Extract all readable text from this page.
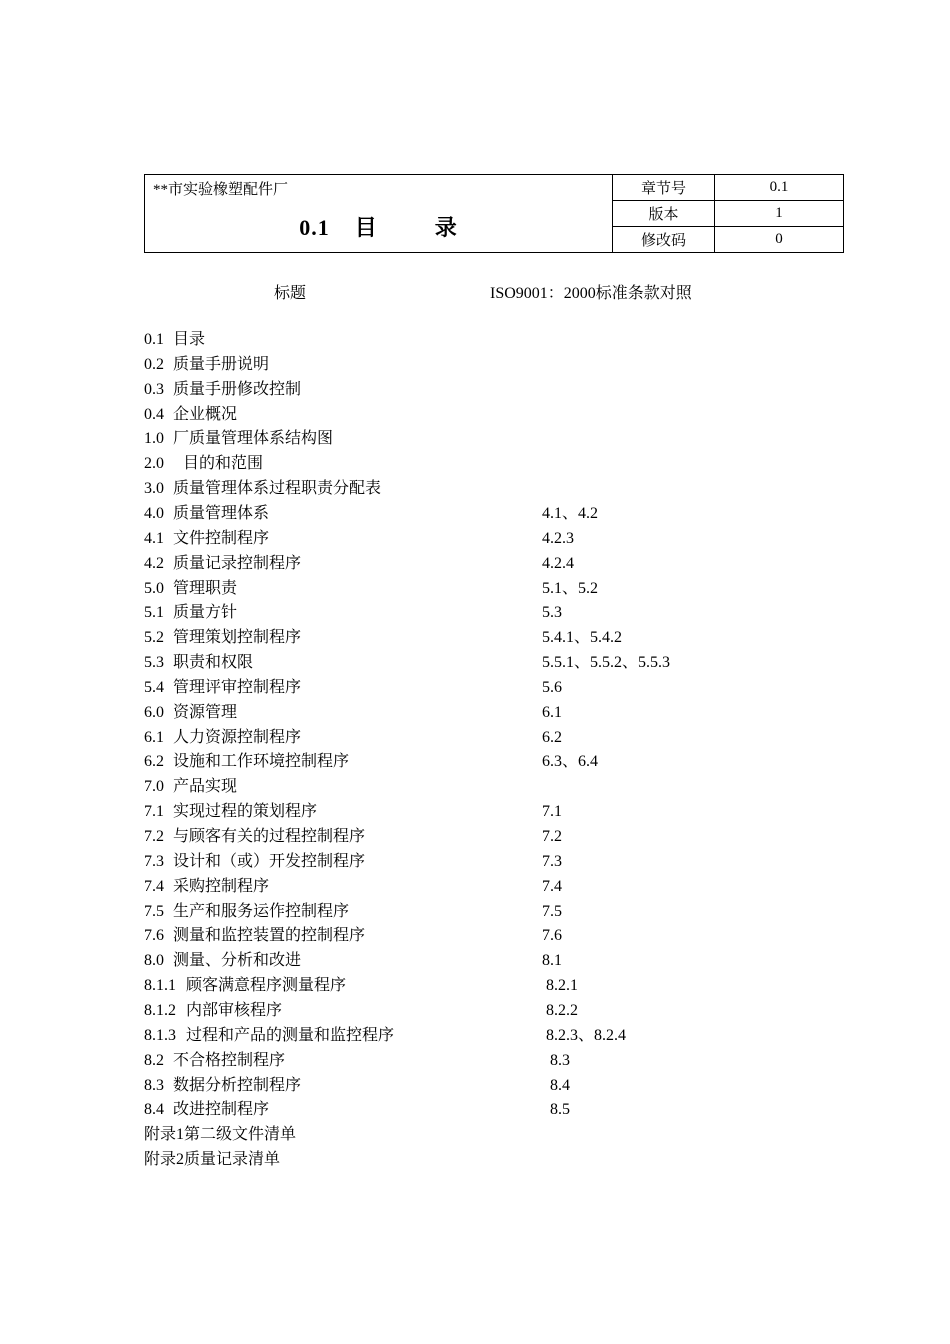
**市实验橡塑配件厂
0.1 目 录	章节号	0.1
	版本	1
	修改码	0
标题	ISO9001：2000标准条款对照
0.1 目录
0.2 质量手册说明
0.3 质量手册修改控制
0.4 企业概况
1.0 厂质量管理体系结构图
2.0 目的和范围
3.0 质量管理体系过程职责分配表
4.0 质量管理体系	4.1、4.2
4.1 文件控制程序	4.2.3
4.2 质量记录控制程序	4.2.4
5.0 管理职责	5.1、5.2
5.1 质量方针	5.3
5.2 管理策划控制程序	5.4.1、5.4.2
5.3 职责和权限	5.5.1、5.5.2、5.5.3
5.4 管理评审控制程序	5.6
6.0 资源管理	6.1
6.1 人力资源控制程序	6.2
6.2 设施和工作环境控制程序	6.3、6.4
7.0 产品实现
7.1 实现过程的策划程序	7.1
7.2 与顾客有关的过程控制程序	7.2
7.3 设计和（或）开发控制程序	7.3
7.4 采购控制程序	7.4
7.5 生产和服务运作控制程序	7.5
7.6 测量和监控装置的控制程序	7.6
8.0 测量、分析和改进	8.1
8.1.1 顾客满意程序测量程序	8.2.1
8.1.2 内部审核程序	8.2.2
8.1.3 过程和产品的测量和监控程序	8.2.3、8.2.4
8.2 不合格控制程序	8.3
8.3 数据分析控制程序	8.4
8.4 改进控制程序	8.5
附录1第二级文件清单
附录2质量记录清单
